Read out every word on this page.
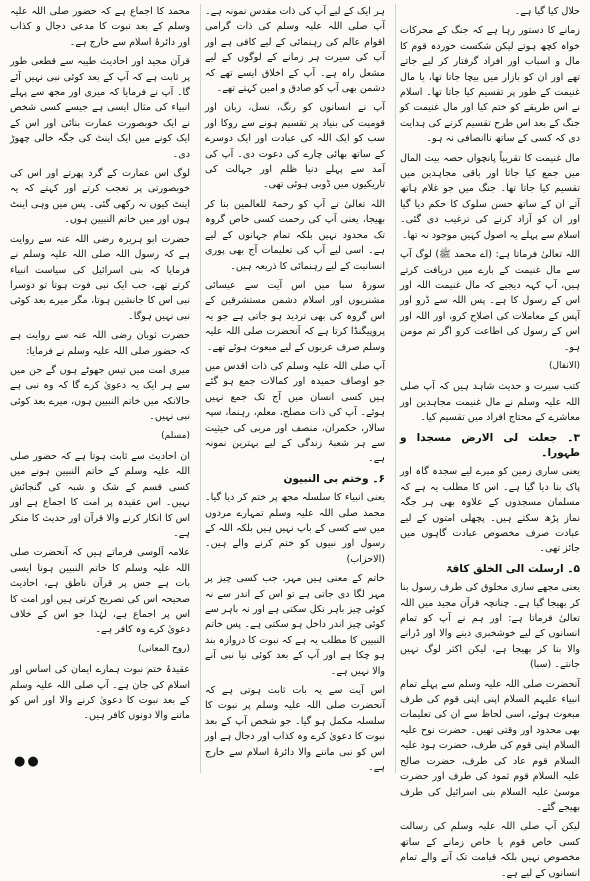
حلال کیا گیا ہے۔
زمانے کا دستور رہا ہے کہ جنگ کے محرکات خواہ کچھ ہوتے لیکن شکست خوردہ قوم کا مال و اسباب اور افراد گرفتار کر لیے جاتے تھے اور ان کو بازار میں بیچا جاتا تھا، یا مال غنیمت کے طور پر تقسیم کیا جاتا تھا۔ اسلام نے اس طریقے کو ختم کیا اور مال غنیمت کو جنگ کے بعد اس طرح تقسیم کرنے کی ہدایت دی کہ کسی کے ساتھ ناانصافی نہ ہو۔
مال غنیمت کا تقریباً پانچواں حصہ بیت المال میں جمع کیا جاتا اور باقی مجاہدین میں تقسیم کیا جاتا تھا۔ جنگ میں جو غلام ہاتھ آتے ان کے ساتھ حسن سلوک کا حکم دیا گیا اور ان کو آزاد کرنے کی ترغیب دی گئی۔ اسلام سے پہلے یہ اصول کہیں موجود نہ تھا۔
اللہ تعالیٰ فرماتا ہے: (اے محمد ﷺ) لوگ آپ سے مال غنیمت کے بارے میں دریافت کرتے ہیں، آپ کہہ دیجیے کہ مال غنیمت اللہ اور اس کے رسول کا ہے۔ پس اللہ سے ڈرو اور آپس کے معاملات کی اصلاح کرو، اور اللہ اور اس کے رسول کی اطاعت کرو اگر تم مومن ہو۔
(الانفال)
کتب سیرت و حدیث شاہد ہیں کہ آپ صلی اللہ علیہ وسلم نے مال غنیمت مجاہدین اور معاشرے کے محتاج افراد میں تقسیم کیا۔
۳۔ جعلت لی الارض مسجدا و طہورا۔
یعنی ساری زمین کو میرے لیے سجدہ گاہ اور پاک بنا دیا گیا ہے۔ اس کا مطلب یہ ہے کہ مسلمان مسجدوں کے علاوہ بھی ہر جگہ نماز پڑھ سکتے ہیں۔ پچھلی امتوں کے لیے عبادت صرف مخصوص عبادت گاہوں میں جائز تھی۔
۵۔ ارسلت الی الخلق کافۃ
یعنی مجھے ساری مخلوق کی طرف رسول بنا کر بھیجا گیا ہے۔ چنانچہ قرآن مجید میں اللہ تعالیٰ فرماتا ہے: اور ہم نے آپ کو تمام انسانوں کے لیے خوشخبری دینے والا اور ڈرانے والا بنا کر بھیجا ہے، لیکن اکثر لوگ نہیں جانتے۔ (سبا)
آنحضرت صلی اللہ علیہ وسلم سے پہلے تمام انبیاء علیہم السلام اپنی اپنی قوم کی طرف مبعوث ہوئے، اسی لحاظ سے ان کی تعلیمات بھی محدود اور وقتی تھیں۔ حضرت نوح علیہ السلام اپنی قوم کی طرف، حضرت ہود علیہ السلام قوم عاد کی طرف، حضرت صالح علیہ السلام قوم ثمود کی طرف اور حضرت موسیٰ علیہ السلام بنی اسرائیل کی طرف بھیجے گئے۔
لیکن آپ صلی اللہ علیہ وسلم کی رسالت کسی خاص قوم یا خاص زمانے کے ساتھ مخصوص نہیں بلکہ قیامت تک آنے والے تمام انسانوں کے لیے ہے۔
ہر ایک کے لیے آپ کی ذات مقدس نمونہ ہے۔ آپ صلی اللہ علیہ وسلم کی ذات گرامی اقوام عالم کی رہنمائی کے لیے کافی ہے اور آپ کی سیرت ہر زمانے کے لوگوں کے لیے مشعل راہ ہے۔ آپ کے اخلاق ایسے تھے کہ دشمن بھی آپ کو صادق و امین کہتے تھے۔
آپ نے انسانوں کو رنگ، نسل، زبان اور قومیت کی بنیاد پر تقسیم ہونے سے روکا اور سب کو ایک اللہ کی عبادت اور ایک دوسرے کے ساتھ بھائی چارے کی دعوت دی۔ آپ کی آمد سے پہلے دنیا ظلم اور جہالت کی تاریکیوں میں ڈوبی ہوئی تھی۔
اللہ تعالیٰ نے آپ کو رحمۃ للعالمین بنا کر بھیجا، یعنی آپ کی رحمت کسی خاص گروہ تک محدود نہیں بلکہ تمام جہانوں کے لیے ہے۔ اسی لیے آپ کی تعلیمات آج بھی پوری انسانیت کے لیے رہنمائی کا ذریعہ ہیں۔
سورۂ سبا میں اس آیت سے عیسائی مشنریوں اور اسلام دشمن مستشرقین کے اس گروہ کی بھی تردید ہو جاتی ہے جو یہ پروپیگنڈا کرتا ہے کہ آنحضرت صلی اللہ علیہ وسلم صرف عربوں کے لیے مبعوث ہوئے تھے۔
آپ صلی اللہ علیہ وسلم کی ذات اقدس میں جو اوصاف حمیدہ اور کمالات جمع ہو گئے ہیں کسی انسان میں آج تک جمع نہیں ہوئے۔ آپ کی ذات مصلح، معلم، رہنما، سپہ سالار، حکمران، منصف اور مربی کی حیثیت سے ہر شعبۂ زندگی کے لیے بہترین نمونہ ہے۔
۶۔ وختم بی النبیون
یعنی انبیاء کا سلسلہ مجھ پر ختم کر دیا گیا۔ محمد صلی اللہ علیہ وسلم تمہارے مردوں میں سے کسی کے باپ نہیں ہیں بلکہ اللہ کے رسول اور نبیوں کو ختم کرنے والے ہیں۔ (الاحزاب)
خاتم کے معنی ہیں مہر، جب کسی چیز پر مہر لگا دی جاتی ہے تو اس کے اندر سے نہ کوئی چیز باہر نکل سکتی ہے اور نہ باہر سے کوئی چیز اندر داخل ہو سکتی ہے۔ پس خاتم النبیین کا مطلب یہ ہے کہ نبوت کا دروازہ بند ہو چکا ہے اور آپ کے بعد کوئی نیا نبی آنے والا نہیں ہے۔
اس آیت سے یہ بات ثابت ہوتی ہے کہ آنحضرت صلی اللہ علیہ وسلم پر نبوت کا سلسلہ مکمل ہو گیا۔ جو شخص آپ کے بعد نبوت کا دعویٰ کرے وہ کذاب اور دجال ہے اور اس کو نبی ماننے والا دائرۂ اسلام سے خارج ہے۔
محمد کا اجماع ہے کہ حضور صلی اللہ علیہ وسلم کے بعد نبوت کا مدعی دجال و کذاب اور دائرۂ اسلام سے خارج ہے۔
قرآن مجید اور احادیث طیبہ سے قطعی طور پر ثابت ہے کہ آپ کے بعد کوئی نبی نہیں آئے گا۔ آپ نے فرمایا کہ میری اور مجھ سے پہلے انبیاء کی مثال ایسی ہے جیسے کسی شخص نے ایک خوبصورت عمارت بنائی اور اس کے ایک کونے میں ایک اینٹ کی جگہ خالی چھوڑ دی۔
لوگ اس عمارت کے گرد پھرتے اور اس کی خوبصورتی پر تعجب کرتے اور کہتے کہ یہ اینٹ کیوں نہ رکھی گئی۔ پس میں وہی اینٹ ہوں اور میں خاتم النبیین ہوں۔
حضرت ابو ہریرہ رضی اللہ عنہ سے روایت ہے کہ رسول اللہ صلی اللہ علیہ وسلم نے فرمایا کہ بنی اسرائیل کی سیاست انبیاء کرتے تھے، جب ایک نبی فوت ہوتا تو دوسرا نبی اس کا جانشین ہوتا، مگر میرے بعد کوئی نبی نہیں ہوگا۔
حضرت ثوبان رضی اللہ عنہ سے روایت ہے کہ حضور صلی اللہ علیہ وسلم نے فرمایا:
میری امت میں تیس جھوٹے ہوں گے جن میں سے ہر ایک یہ دعویٰ کرے گا کہ وہ نبی ہے حالانکہ میں خاتم النبیین ہوں، میرے بعد کوئی نبی نہیں۔
(مسلم)
ان احادیث سے ثابت ہوتا ہے کہ حضور صلی اللہ علیہ وسلم کے خاتم النبیین ہونے میں کسی قسم کے شک و شبہ کی گنجائش نہیں۔ اس عقیدہ پر امت کا اجماع ہے اور اس کا انکار کرنے والا قرآن اور حدیث کا منکر ہے۔
علامہ آلوسی فرماتے ہیں کہ آنحضرت صلی اللہ علیہ وسلم کا خاتم النبیین ہونا ایسی بات ہے جس پر قرآن ناطق ہے، احادیث صحیحہ اس کی تصریح کرتی ہیں اور امت کا اس پر اجماع ہے، لہٰذا جو اس کے خلاف دعویٰ کرے وہ کافر ہے۔
(روح المعانی)
عقیدۂ ختم نبوت ہمارے ایمان کی اساس اور اسلام کی جان ہے۔ آپ صلی اللہ علیہ وسلم کے بعد نبوت کا دعویٰ کرنے والا اور اس کو ماننے والا دونوں کافر ہیں۔
●●
